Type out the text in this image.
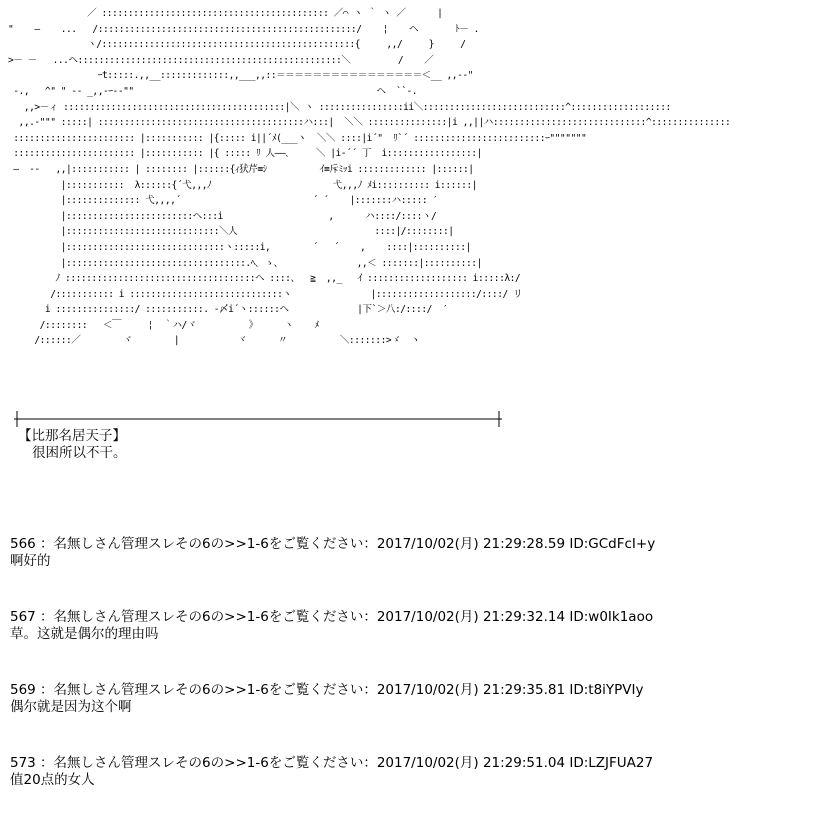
／ ::::::::::::::::::::::::::::::::::::::::::: ／⌒ ヽ ｀ ヽ ／      |
"    ―    ...   /:::::::::::::::::::::::::::::::::::::::::::::::::/    ¦    ヘ       ﾄ－ .
ヽ/::::::::::::::::::::::::::::::::::::::::::::::::{     ,,/     }     /
>－ －   ...ヘ::::::::::::::::::::::::::::::::::::::::::::::::::＼         /    ／
ｰt:::::.,,__:::::::::::::,,___,,::＝＝＝＝＝＝＝＝＝＝＝＝＝＝＝＝＜__ ,,--"
-.,   ^" " -- _,,-ｰ--""                                              ヘ  ``-.
,,>－ィ ::::::::::::::::::::::::::::::::::::::::::|＼ ヽ ::::::::::::::::ii＼:::::::::::::::::::::::::::^:::::::::::::::::::
,,.-""" :::::| :::::::::::::::::::::::::::::::::::::::ハ:::|  ＼＼ :::::::::::::::|i ,,||ハ:::::::::::::::::::::::::::::^:::::::::::::::
::::::::::::::::::::::: |::::::::::: |{::::: i||´ﾒ(___ヽ  ＼＼ ::::|i´"  ﾘ`´ :::::::::::::::::::::::::ｰ"""""""
::::::::::::::::::::::: |::::::::::: |{ ::::: ﾘ 人――､     ＼ |i-´´ 丁  i:::::::::::::::::|
―  --   ,,|::::::::::: | :::::::: |::::::{ｨ犾芹≡ｼ          ｲ≡斥ﾐｯi ::::::::::::: |::::::|
|:::::::::::  λ::::::{´弋,,,ﾉ                       弋,,,ﾉ ﾒi:::::::::: i::::::|
|:::::::::::::: 弋,,,,´                         ´ ´    |:::::::ハ::::: ′
|::::::::::::::::::::::::ヘ:::i                    ,      ハ::::/::::ヽ/
|:::::::::::::::::::::::::::::＼人                          ::::|/::::::::|
|::::::::::::::::::::::::::::::ヽ:::::i,        ´   ´    ,    ::::|::::::::::|
|::::::::::::::::::::::::::::::::::.ﾍ､ ゝ、              ,,＜ :::::::|::::::::::|
ﾉ ::::::::::::::::::::::::::::::::::::ヘ ::::、  ≧  ,,_   ｲ ::::::::::::::::::: i:::::λ:/
/::::::::::: i :::::::::::::::::::::::::::::ヽ               |:::::::::::::::::::/::::/ リ
i :::::::::::::::/ :::::::::::. -〆i´ヽ::::::ヘ             |下`＞八:/::::/  ′
/::::::::   ＜￣     ¦  ｀ハ/ヾ          》     ヽ    ﾒ
/::::::／        ヾ        |           ヾ      〃          ＼:::::::>ゞ  ヽ
【比那名居天子】
很困所以不干。
566 ：名無しさん管理スレその6の>>1-6をご覧ください：2017/10/02(月) 21:29:28.59 ID:GCdFcI+y
啊好的
567 ：名無しさん管理スレその6の>>1-6をご覧ください：2017/10/02(月) 21:29:32.14 ID:w0Ik1aoo
草。这就是偶尔的理由吗
569 ：名無しさん管理スレその6の>>1-6をご覧ください：2017/10/02(月) 21:29:35.81 ID:t8iYPVIy
偶尔就是因为这个啊
573 ：名無しさん管理スレその6の>>1-6をご覧ください：2017/10/02(月) 21:29:51.04 ID:LZJFUA27
值20点的女人
